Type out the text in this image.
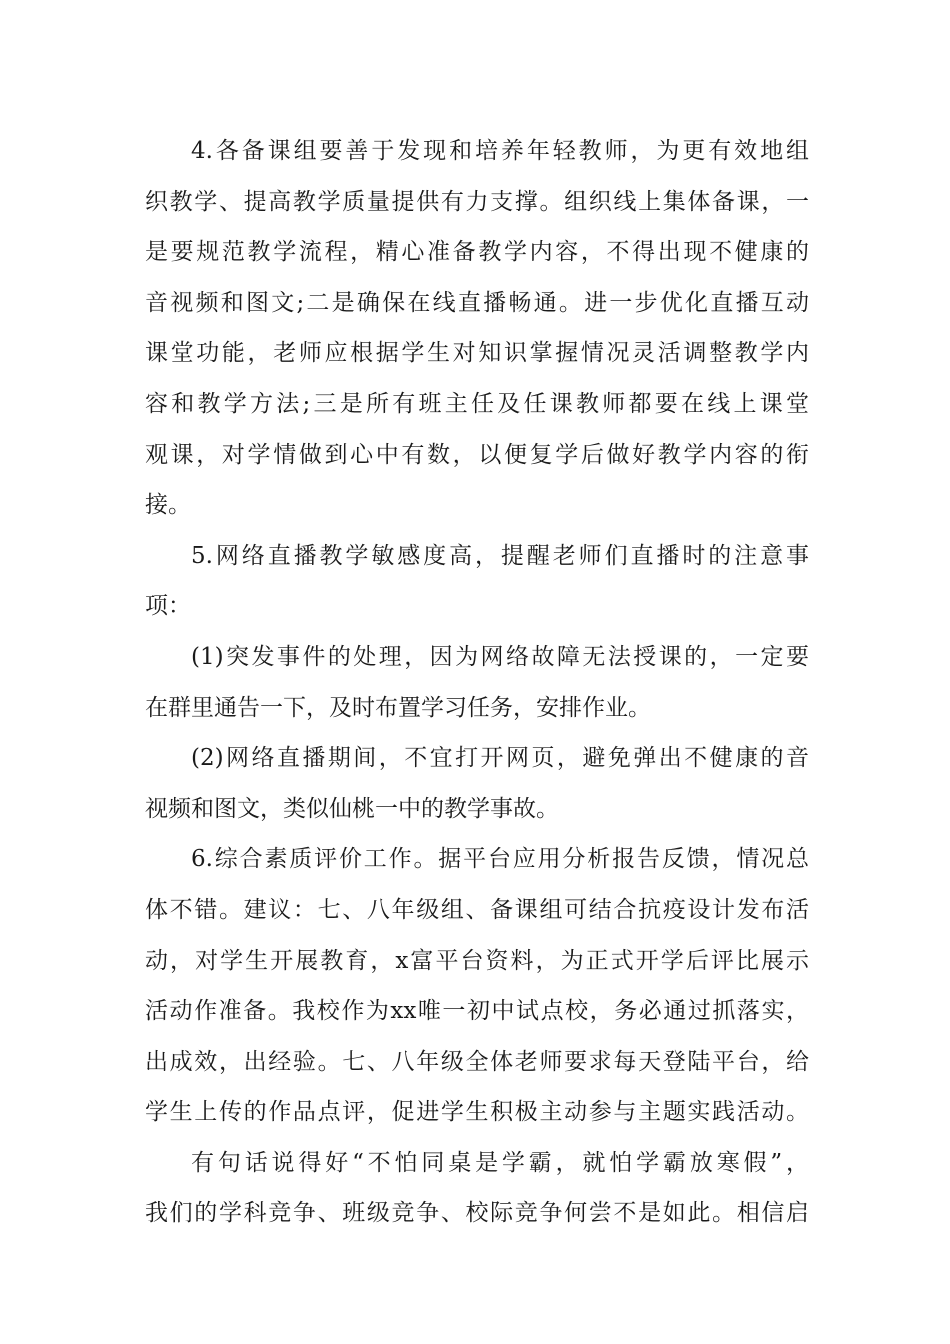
4.各备课组要善于发现和培养年轻教师，为更有效地组
织教学、提高教学质量提供有力支撑。组织线上集体备课，一
是要规范教学流程，精心准备教学内容，不得出现不健康的
音视频和图文;二是确保在线直播畅通。进一步优化直播互动
课堂功能，老师应根据学生对知识掌握情况灵活调整教学内
容和教学方法;三是所有班主任及任课教师都要在线上课堂
观课，对学情做到心中有数，以便复学后做好教学内容的衔
接。
5.网络直播教学敏感度高，提醒老师们直播时的注意事
项：
(1)突发事件的处理，因为网络故障无法授课的，一定要
在群里通告一下，及时布置学习任务，安排作业。
(2)网络直播期间，不宜打开网页，避免弹出不健康的音
视频和图文，类似仙桃一中的教学事故。
6.综合素质评价工作。据平台应用分析报告反馈，情况总
体不错。建议：七、八年级组、备课组可结合抗疫设计发布活
动，对学生开展教育，x富平台资料，为正式开学后评比展示
活动作准备。我校作为xx唯一初中试点校，务必通过抓落实，
出成效，出经验。七、八年级全体老师要求每天登陆平台，给
学生上传的作品点评，促进学生积极主动参与主题实践活动。
有句话说得好“不怕同桌是学霸，就怕学霸放寒假”，
我们的学科竞争、班级竞争、校际竞争何尝不是如此。相信启
